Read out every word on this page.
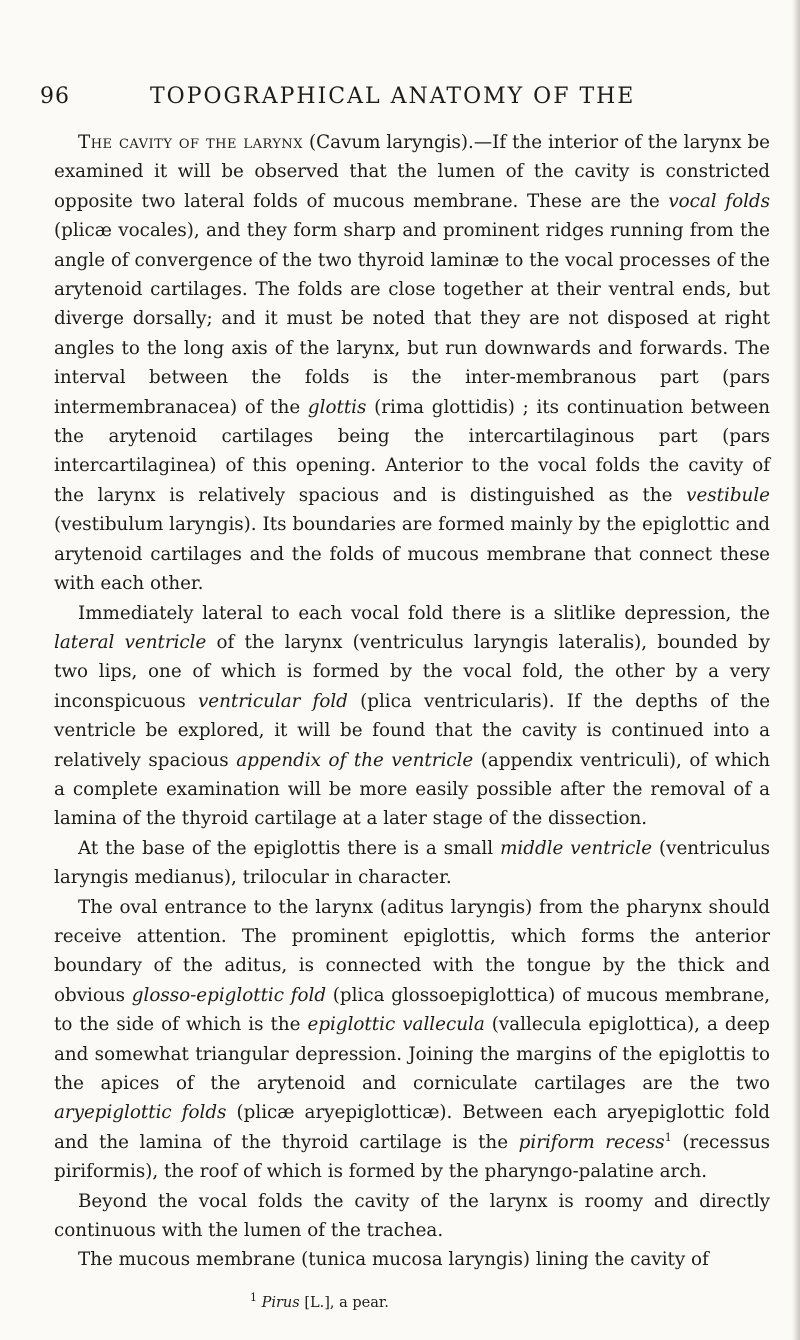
96	TOPOGRAPHICAL ANATOMY OF THE

The cavity of the larynx (Cavum laryngis).—If the interior of the larynx be examined it will be observed that the lumen of the cavity is constricted opposite two lateral folds of mucous membrane. These are the vocal folds (plicæ vocales), and they form sharp and prominent ridges running from the angle of convergence of the two thyroid laminæ to the vocal processes of the arytenoid cartilages. The folds are close together at their ventral ends, but diverge dorsally; and it must be noted that they are not disposed at right angles to the long axis of the larynx, but run downwards and forwards. The interval between the folds is the inter-membranous part (pars intermembranacea) of the glottis (rima glottidis) ; its continuation between the arytenoid cartilages being the intercartilaginous part (pars intercartilaginea) of this opening. Anterior to the vocal folds the cavity of the larynx is relatively spacious and is distinguished as the vestibule (vestibulum laryngis). Its boundaries are formed mainly by the epiglottic and arytenoid cartilages and the folds of mucous membrane that connect these with each other.

Immediately lateral to each vocal fold there is a slitlike depression, the lateral ventricle of the larynx (ventriculus laryngis lateralis), bounded by two lips, one of which is formed by the vocal fold, the other by a very inconspicuous ventricular fold (plica ventricularis). If the depths of the ventricle be explored, it will be found that the cavity is continued into a relatively spacious appendix of the ventricle (appendix ventriculi), of which a complete examination will be more easily possible after the removal of a lamina of the thyroid cartilage at a later stage of the dissection.

At the base of the epiglottis there is a small middle ventricle (ventriculus laryngis medianus), trilocular in character.

The oval entrance to the larynx (aditus laryngis) from the pharynx should receive attention. The prominent epiglottis, which forms the anterior boundary of the aditus, is connected with the tongue by the thick and obvious glosso-epiglottic fold (plica glossoepiglottica) of mucous membrane, to the side of which is the epiglottic vallecula (vallecula epiglottica), a deep and somewhat triangular depression. Joining the margins of the epiglottis to the apices of the arytenoid and corniculate cartilages are the two aryepiglottic folds (plicæ aryepiglotticæ). Between each aryepiglottic fold and the lamina of the thyroid cartilage is the piriform recess$^1$ (recessus piriformis), the roof of which is formed by the pharyngo-palatine arch.

Beyond the vocal folds the cavity of the larynx is roomy and directly continuous with the lumen of the trachea.

The mucous membrane (tunica mucosa laryngis) lining the cavity of

$^1$ Pirus [L.], a pear.
